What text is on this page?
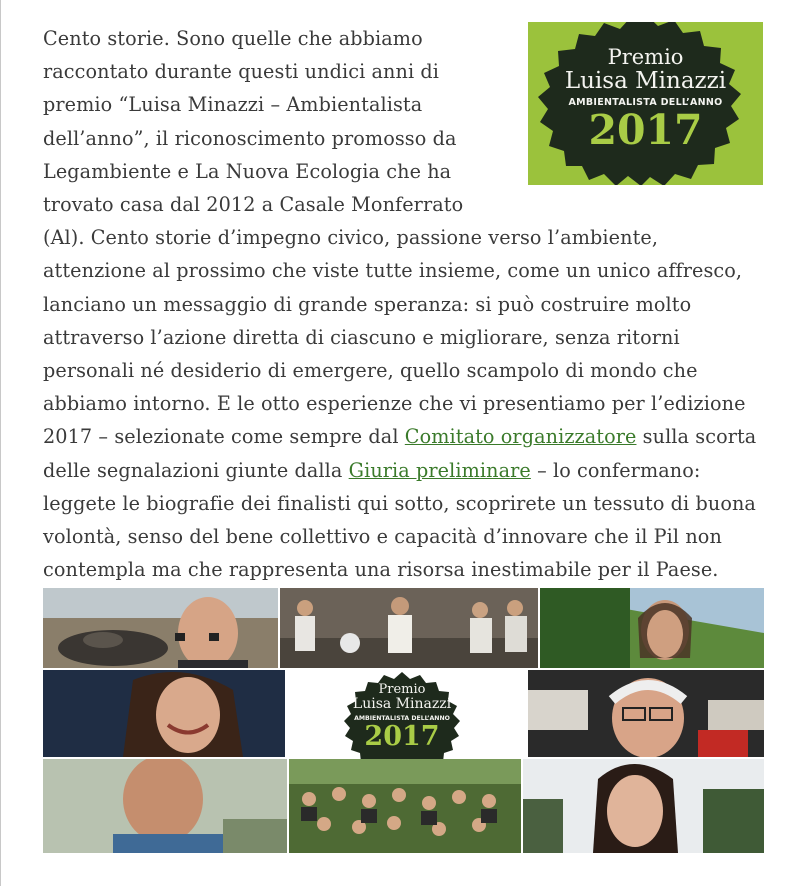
Premio
Luisa Minazzi
AMBIENTALISTA DELL’ANNO
2017

Cento storie. Sono quelle che abbiamo raccontato durante questi undici anni di premio “Luisa Minazzi – Ambientalista dell’anno”, il riconoscimento promosso da Legambiente e La Nuova Ecologia che ha trovato casa dal 2012 a Casale Monferrato (Al). Cento storie d’impegno civico, passione verso l’ambiente, attenzione al prossimo che viste tutte insieme, come un unico affresco, lanciano un messaggio di grande speranza: si può costruire molto attraverso l’azione diretta di ciascuno e migliorare, senza ritorni personali né desiderio di emergere, quello scampolo di mondo che abbiamo intorno. E le otto esperienze che vi presentiamo per l’edizione 2017 – selezionate come sempre dal Comitato organizzatore sulla scorta delle segnalazioni giunte dalla Giuria preliminare – lo confermano: leggete le biografie dei finalisti qui sotto, scoprirete un tessuto di buona volontà, senso del bene collettivo e capacità d’innovare che il Pil non contempla ma che rappresenta una risorsa inestimabile per il Paese.

Premio
Luisa Minazzi
AMBIENTALISTA DELL’ANNO
2017
